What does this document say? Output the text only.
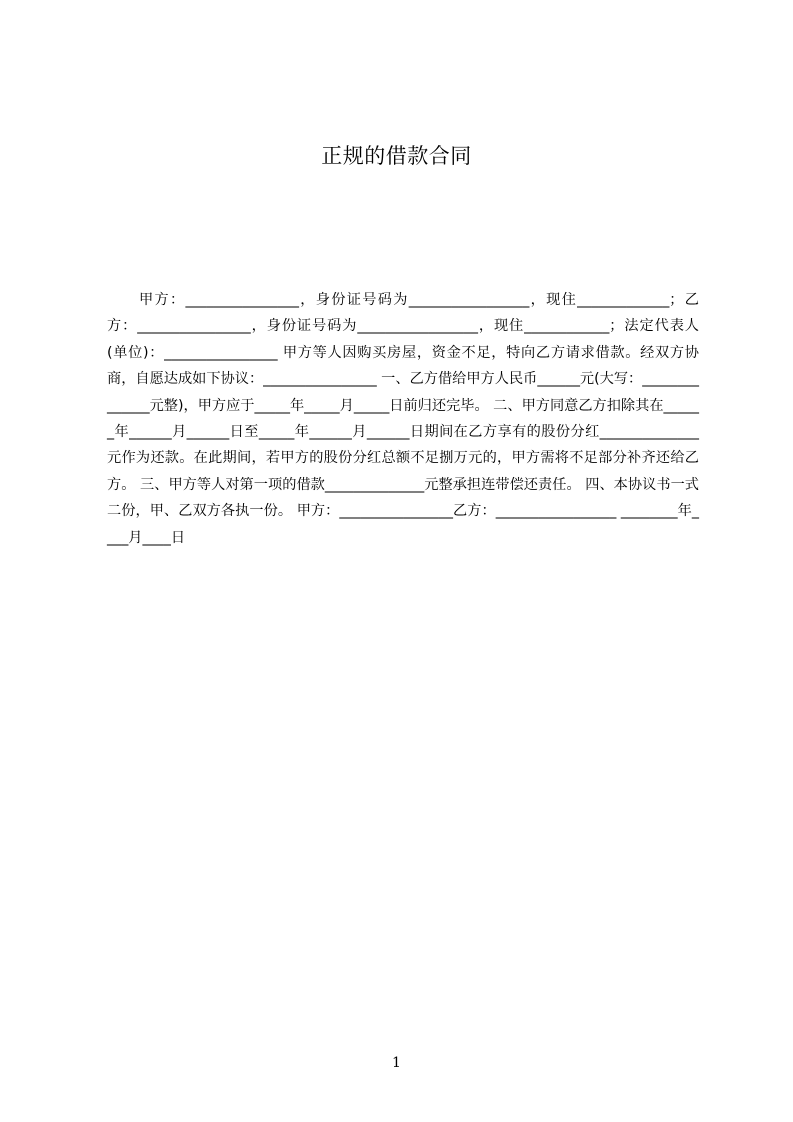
正规的借款合同

甲方：________________，身份证号码为_________________，现住_____________；乙方：________________，身份证号码为_________________，现住____________；法定代表人(单位)：________________ 甲方等人因购买房屋，资金不足，特向乙方请求借款。经双方协商，自愿达成如下协议：________________ 一、乙方借给甲方人民币______元(大写：______________元整)，甲方应于_____年_____月_____日前归还完毕。 二、甲方同意乙方扣除其在______年______月______日至_____年______月______日期间在乙方享有的股份分红______________元作为还款。在此期间，若甲方的股份分红总额不足捌万元的，甲方需将不足部分补齐还给乙方。 三、甲方等人对第一项的借款______________元整承担连带偿还责任。 四、本协议书一式二份，甲、乙双方各执一份。 甲方：________________乙方：_________________ ________年____月____日

1
